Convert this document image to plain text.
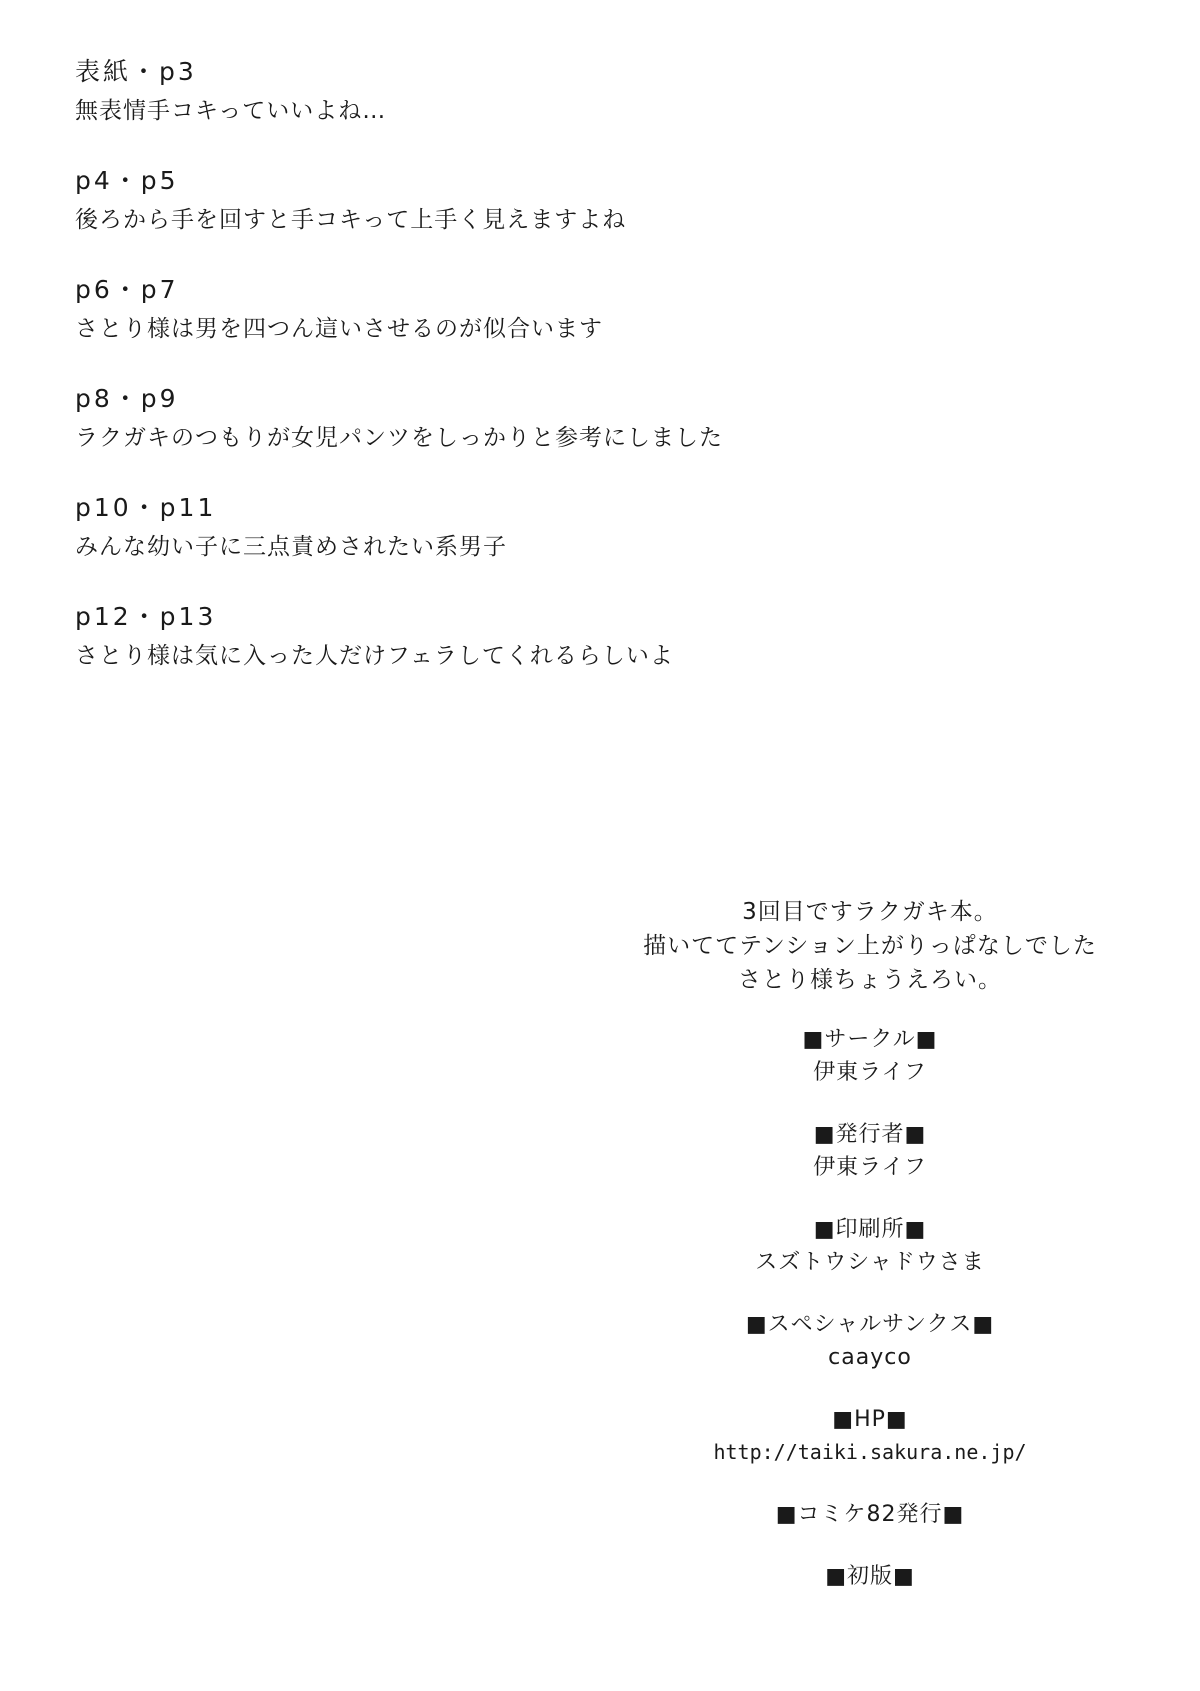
表紙・p3
無表情手コキっていいよね…
p4・p5
後ろから手を回すと手コキって上手く見えますよね
p6・p7
さとり様は男を四つん這いさせるのが似合います
p8・p9
ラクガキのつもりが女児パンツをしっかりと参考にしました
p10・p11
みんな幼い子に三点責めされたい系男子
p12・p13
さとり様は気に入った人だけフェラしてくれるらしいよ
3回目ですラクガキ本。
描いててテンション上がりっぱなしでした
さとり様ちょうえろい。
■サークル■
伊東ライフ
■発行者■
伊東ライフ
■印刷所■
スズトウシャドウさま
■スペシャルサンクス■
caayco
■HP■
http://taiki.sakura.ne.jp/
■コミケ82発行■
■初版■
